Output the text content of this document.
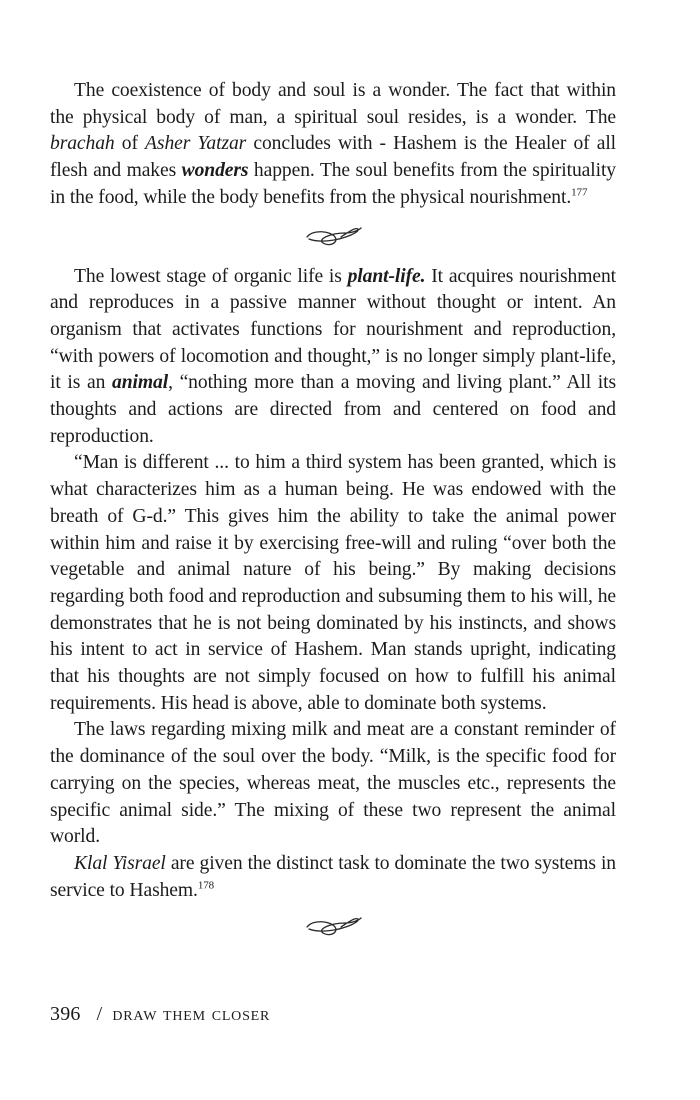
The coexistence of body and soul is a wonder. The fact that within the physical body of man, a spiritual soul resides, is a wonder. The brachah of Asher Yatzar concludes with - Hashem is the Healer of all flesh and makes wonders happen. The soul benefits from the spirituality in the food, while the body benefits from the physical nourishment.$^{177}$

The lowest stage of organic life is plant-life. It acquires nourishment and reproduces in a passive manner without thought or intent. An organism that activates functions for nourishment and reproduction, “with powers of locomotion and thought,” is no longer simply plant-life, it is an animal, “nothing more than a moving and living plant.” All its thoughts and actions are directed from and centered on food and reproduction.

“Man is different ... to him a third system has been granted, which is what characterizes him as a human being. He was endowed with the breath of G-d.” This gives him the ability to take the animal power within him and raise it by exercising free-will and ruling “over both the vegetable and animal nature of his being.” By making decisions regarding both food and reproduction and subsuming them to his will, he demonstrates that he is not being dominated by his instincts, and shows his intent to act in service of Hashem. Man stands upright, indicating that his thoughts are not simply focused on how to fulfill his animal requirements. His head is above, able to dominate both systems.

The laws regarding mixing milk and meat are a constant reminder of the dominance of the soul over the body. “Milk, is the specific food for carrying on the species, whereas meat, the muscles etc., represents the specific animal side.” The mixing of these two represent the animal world.

Klal Yisrael are given the distinct task to dominate the two systems in service to Hashem.$^{178}$

396 / draw them closer
